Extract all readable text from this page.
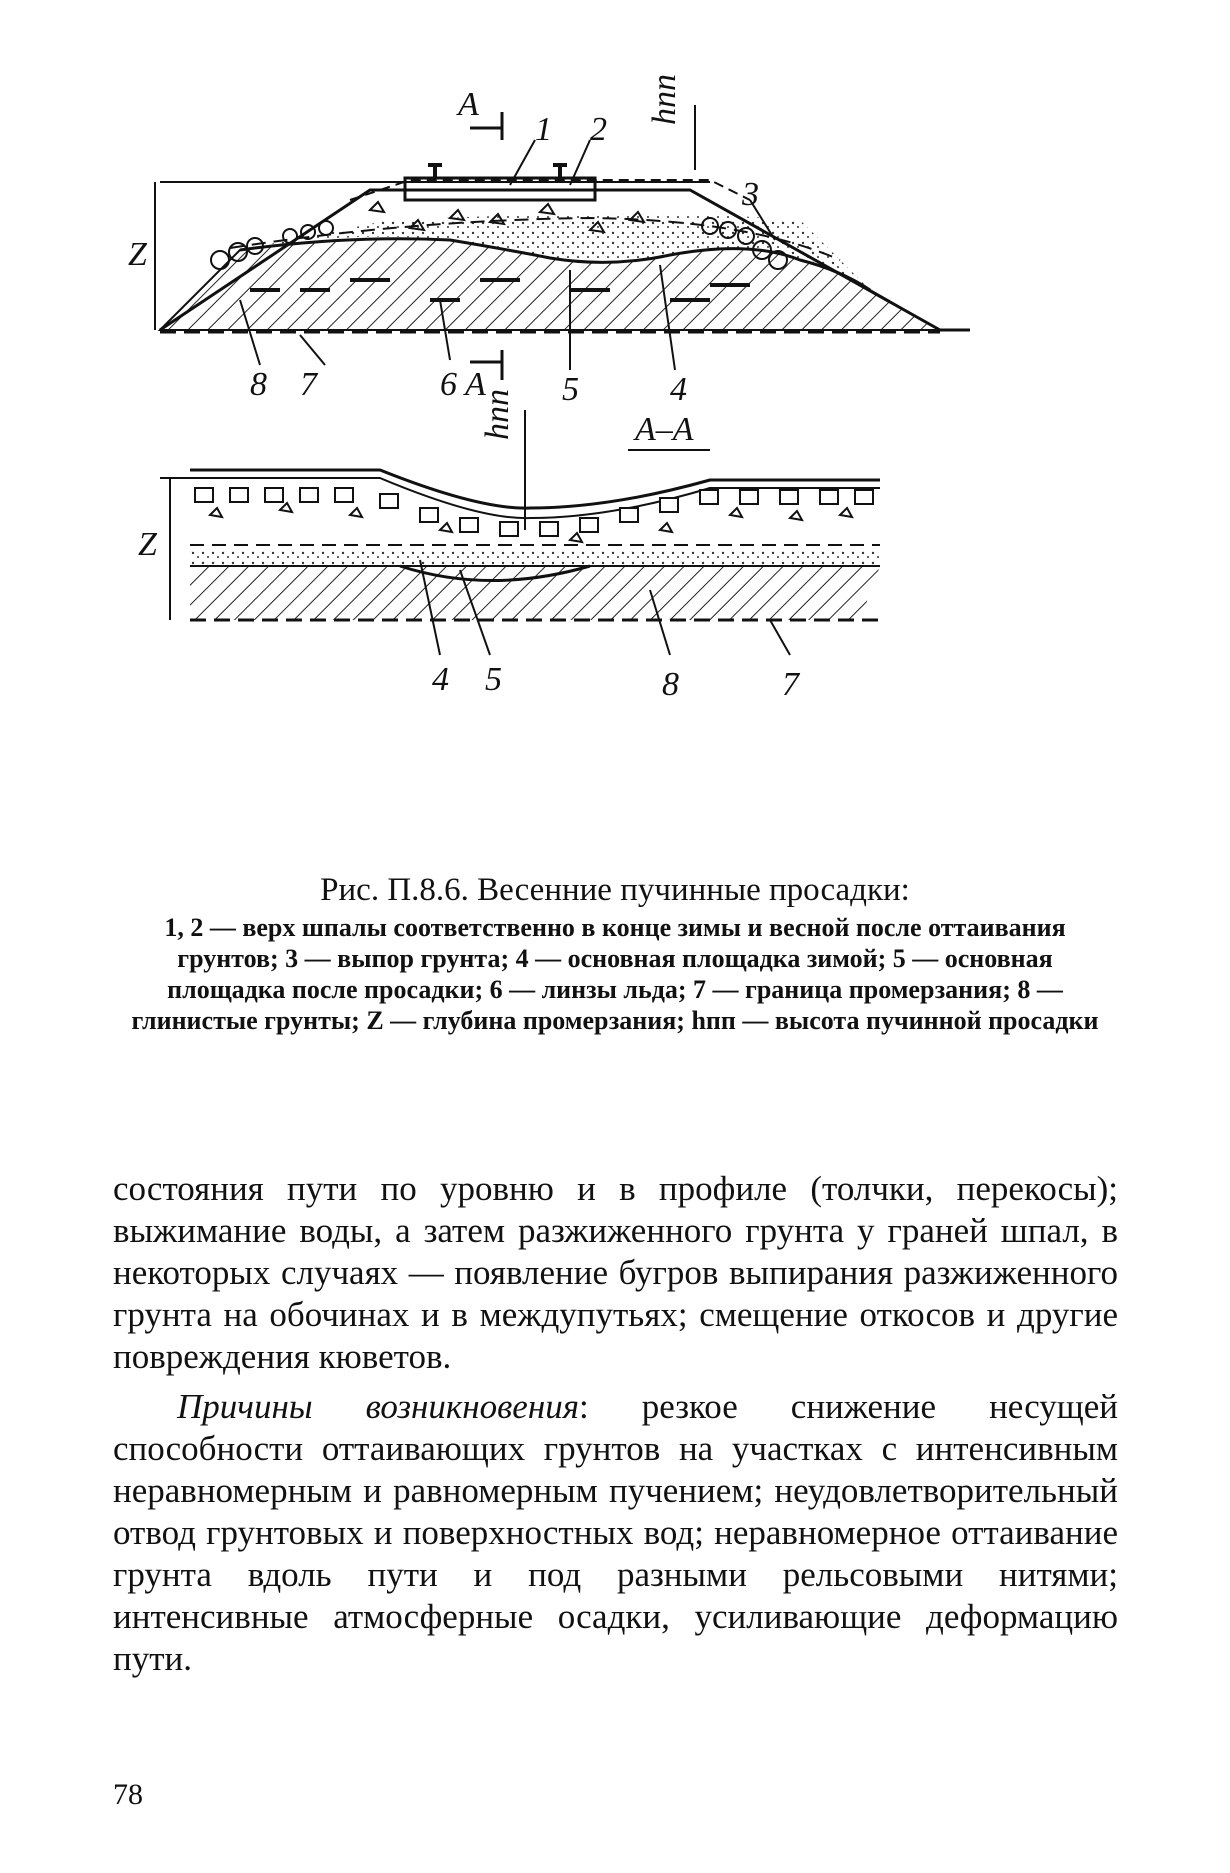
Z
hпп
A
A
1 2
3
4
5
6
7
8
A–A
hпп
Z
4 5	8	7
Рис. П.8.6. Весенние пучинные просадки:
1, 2 — верх шпалы соответственно в конце зимы и весной после оттаивания грунтов; 3 — выпор грунта; 4 — основная площадка зимой; 5 — основная площадка после просадки; 6 — линзы льда; 7 — граница промерзания; 8 — глинистые грунты; Z — глубина промерзания; hпп — высота пучинной просадки

состояния пути по уровню и в профиле (толчки, перекосы); выжимание воды, а затем разжиженного грунта у граней шпал, в некоторых случаях — появление бугров выпирания разжиженного грунта на обочинах и в междупутьях; смещение откосов и другие повреждения кюветов.

Причины возникновения: резкое снижение несущей способности оттаивающих грунтов на участках с интенсивным неравномерным и равномерным пучением; неудовлетворительный отвод грунтовых и поверхностных вод; неравномерное оттаивание грунта вдоль пути и под разными рельсовыми нитями; интенсивные атмосферные осадки, усиливающие деформацию пути.

78
